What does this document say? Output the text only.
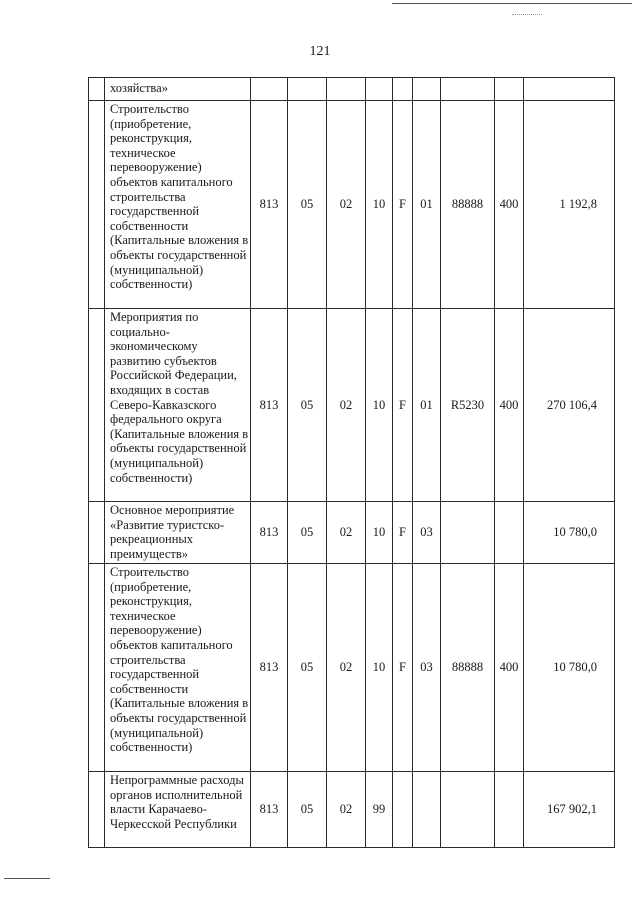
121
	хозяйства»									
	Строительство (приобретение, реконструкция, техническое перевооружение) объектов капитального строительства государственной собственности (Капитальные вложения в объекты государственной (муниципальной) собственности)	813	05	02	10	F	01	88888	400	1 192,8
	Мероприятия по социально-экономическому развитию субъектов Российской Федерации, входящих в состав Северо-Кавказского федерального округа (Капитальные вложения в объекты государственной (муниципальной) собственности)	813	05	02	10	F	01	R5230	400	270 106,4
	Основное мероприятие «Развитие туристско-рекреационных преимуществ»	813	05	02	10	F	03			10 780,0
	Строительство (приобретение, реконструкция, техническое перевооружение) объектов капитального строительства государственной собственности (Капитальные вложения в объекты государственной (муниципальной) собственности)	813	05	02	10	F	03	88888	400	10 780,0
	Непрограммные расходы органов исполнительной власти Карачаево-Черкесской Республики	813	05	02	99					167 902,1
